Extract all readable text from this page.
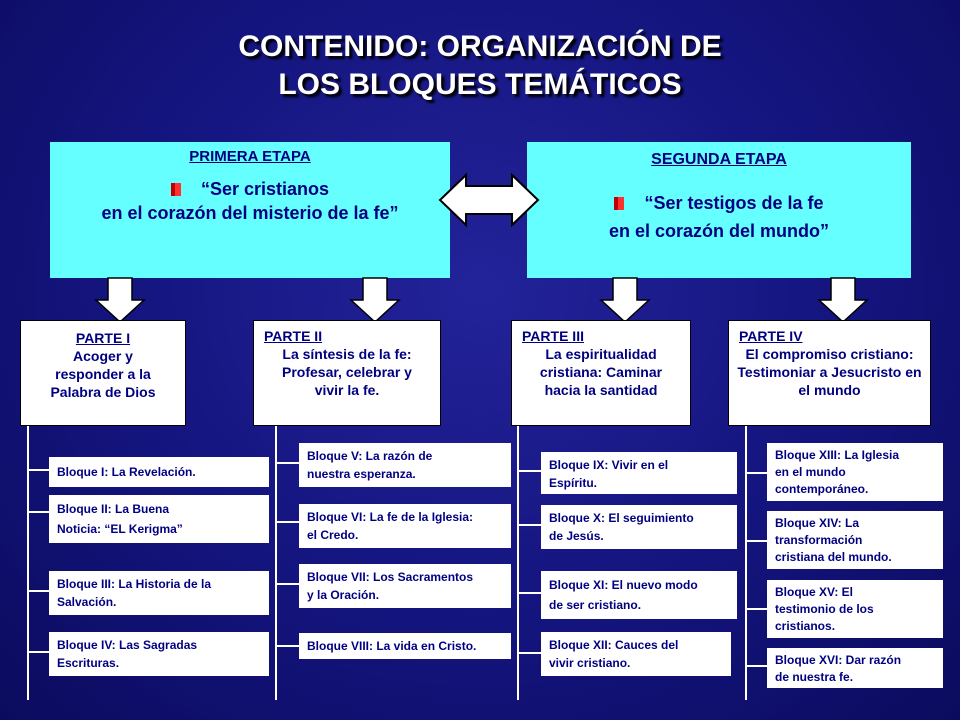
CONTENIDO: ORGANIZACIÓN DE
LOS BLOQUES TEMÁTICOS
PRIMERA ETAPA
“Ser cristianos
en el corazón del misterio de la fe”
SEGUNDA ETAPA
“Ser testigos de la fe
en el corazón del mundo”
PARTE I
Acoger y responder a la Palabra de Dios
PARTE II
La síntesis de la fe: Profesar, celebrar y vivir la fe.
PARTE III
La espiritualidad cristiana: Caminar hacia la santidad
PARTE IV
El compromiso cristiano: Testimoniar a Jesucristo en el mundo
Bloque I: La Revelación.
Bloque II: La Buena
Noticia: “EL Kerigma”
Bloque III: La Historia de la
Salvación.
Bloque IV: Las Sagradas
Escrituras.
Bloque V: La razón de
nuestra esperanza.
Bloque VI: La fe de la Iglesia:
el Credo.
Bloque VII: Los Sacramentos
y la Oración.
Bloque VIII: La vida en Cristo.
Bloque IX: Vivir en el
Espíritu.
Bloque X: El seguimiento
de Jesús.
Bloque XI: El nuevo modo
de ser cristiano.
Bloque XII: Cauces del
vivir cristiano.
Bloque XIII: La Iglesia
en el mundo
contemporáneo.
Bloque XIV: La
transformación
cristiana del mundo.
Bloque XV: El
testimonio de los
cristianos.
Bloque XVI: Dar razón
de nuestra fe.
